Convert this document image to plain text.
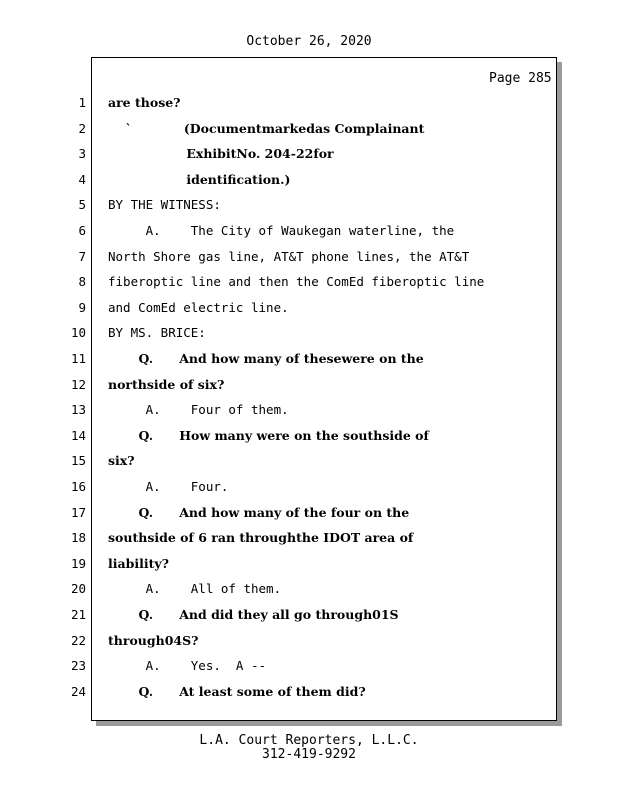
October 26, 2020
Page 285
1 are those?
2 `            (Documentmarkedas Complainant
3 ExhibitNo. 204-22for
4 identification.)
5 BY THE WITNESS:
6 A.    The City of Waukegan waterline, the
7 North Shore gas line, AT&T phone lines, the AT&T
8 fiberoptic line and then the ComEd fiberoptic line
9 and ComEd electric line.
10 BY MS. BRICE:
11 Q.      And how many of thesewere on the
12 northside of six?
13 A.    Four of them.
14 Q.      How many were on the southside of
15 six?
16 A.    Four.
17 Q.      And how many of the four on the
18 southside of 6 ran throughthe IDOT area of
19 liability?
20 A.    All of them.
21 Q.      And did they all go through01S
22 through04S?
23 A.    Yes.  A --
24 Q.      At least some of them did?
L.A. Court Reporters, L.L.C.
312-419-9292
